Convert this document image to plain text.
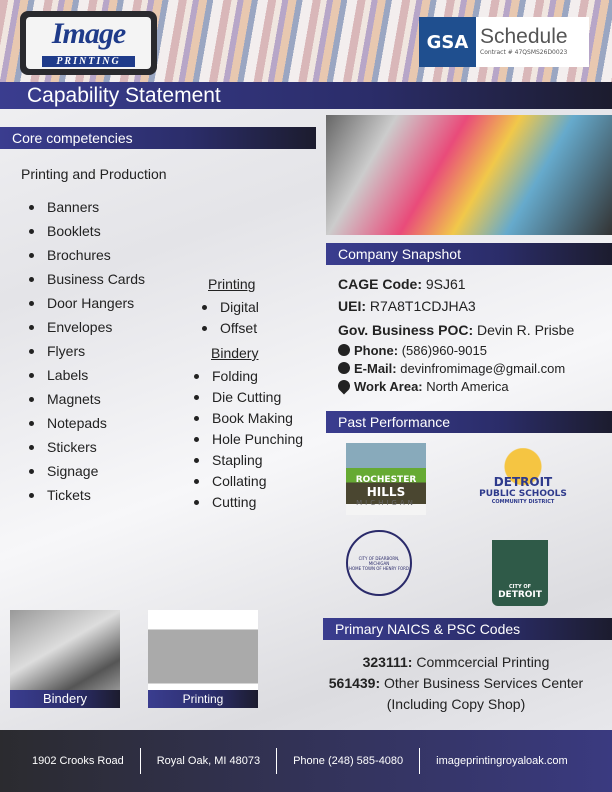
Image
PRINTING
GSA Schedule
Contract # 47QSMS26D0023
Capability Statement
Core competencies
Printing and Production
Banners
Booklets
Brochures
Business Cards
Door Hangers
Envelopes
Flyers
Labels
Magnets
Notepads
Stickers
Signage
Tickets
Printing
Bindery
Digital
Offset
Folding
Die Cutting
Book Making
Hole Punching
Stapling
Collating
Cutting
Company Snapshot
CAGE Code: 9SJ61
UEI: R7A8T1CDJHA3
Gov. Business POC: Devin R. Prisbe
Phone: (586)960-9015
E-Mail: devinfromimage@gmail.com
Work Area: North America
Past Performance
ROCHESTER
HILLS
MICHIGAN
DETROIT
PUBLIC SCHOOLS
COMMUNITY DISTRICT
CITY OF DEARBORN, MICHIGAN
HOME TOWN OF HENRY FORD
CITY OF
DETROIT
Primary NAICS & PSC Codes
323111: Commcercial Printing
561439: Other Business Services Center
(Including Copy Shop)
Bindery	Printing
1902 Crooks Road	Royal Oak, MI 48073	Phone (248) 585-4080	imageprintingroyaloak.com
